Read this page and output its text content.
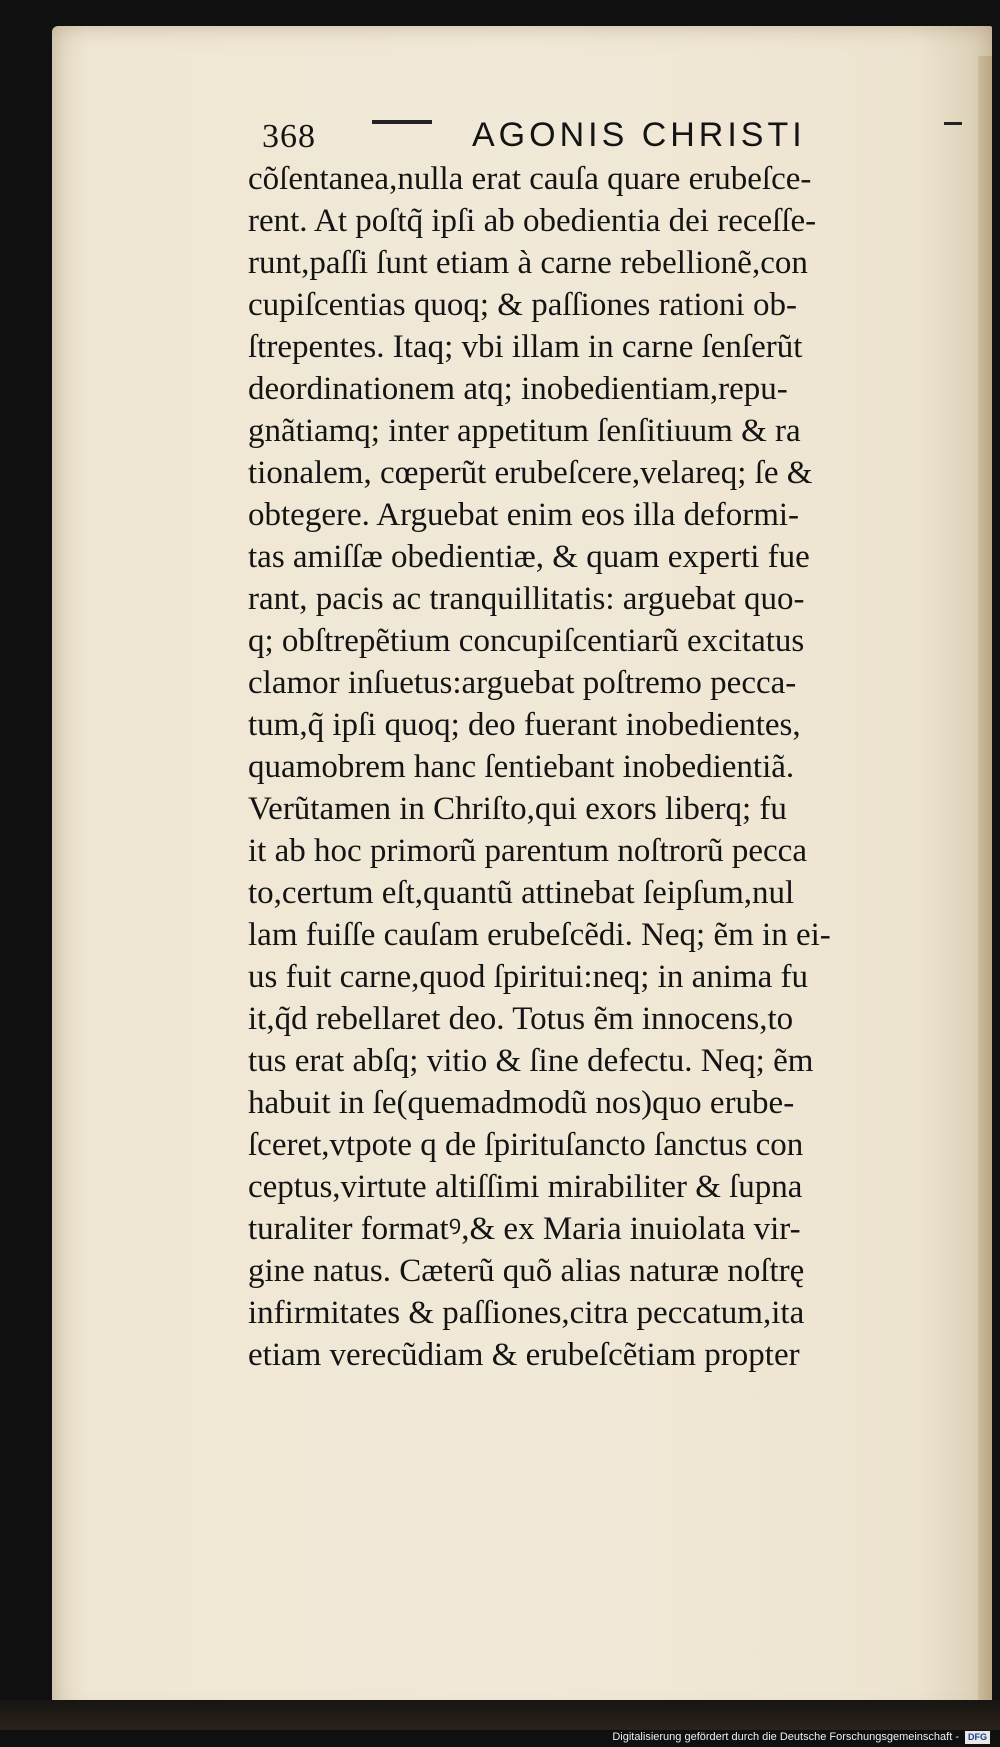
368	AGONIS CHRISTI
cõſentanea,nulla erat cauſa quare erubeſce-
rent. At poſtq̃ ipſi ab obedientia dei receſſe-
runt,paſſi ſunt etiam à carne rebellionẽ,con
cupiſcentias quoq; & paſſiones rationi ob-
ſtrepentes. Itaq; vbi illam in carne ſenſerũt
deordinationem atq; inobedientiam,repu-
gnãtiamq; inter appetitum ſenſitiuum & ra
tionalem, cœperũt erubeſcere,velareq; ſe &
obtegere. Arguebat enim eos illa deformi-
tas amiſſæ obedientiæ, & quam experti fue
rant, pacis ac tranquillitatis: arguebat quo-
q; obſtrepẽtium concupiſcentiarũ excitatus
clamor inſuetus:arguebat poſtremo pecca-
tum,q̃ ipſi quoq; deo fuerant inobedientes,
quamobrem hanc ſentiebant inobedientiã.
Verũtamen in Chriſto,qui exors liberq; fu
it ab hoc primorũ parentum noſtrorũ pecca
to,certum eſt,quantũ attinebat ſeipſum,nul
lam fuiſſe cauſam erubeſcẽdi. Neq; ẽm in ei-
us fuit carne,quod ſpiritui:neq; in anima fu
it,q̃d rebellaret deo. Totus ẽm innocens,to
tus erat abſq; vitio & ſine defectu. Neq; ẽm
habuit in ſe(quemadmodũ nos)quo erube-
ſceret,vtpote q de ſpirituſancto ſanctus con
ceptus,virtute altiſſimi mirabiliter & ſupna
turaliter formatꝰ,& ex Maria inuiolata vir-
gine natus. Cæterũ quõ alias naturæ noſtrę
infirmitates & paſſiones,citra peccatum,ita
etiam verecũdiam & erubeſcẽtiam propter
Digitalisierung gefördert durch die Deutsche Forschungsgemeinschaft -	DFG
